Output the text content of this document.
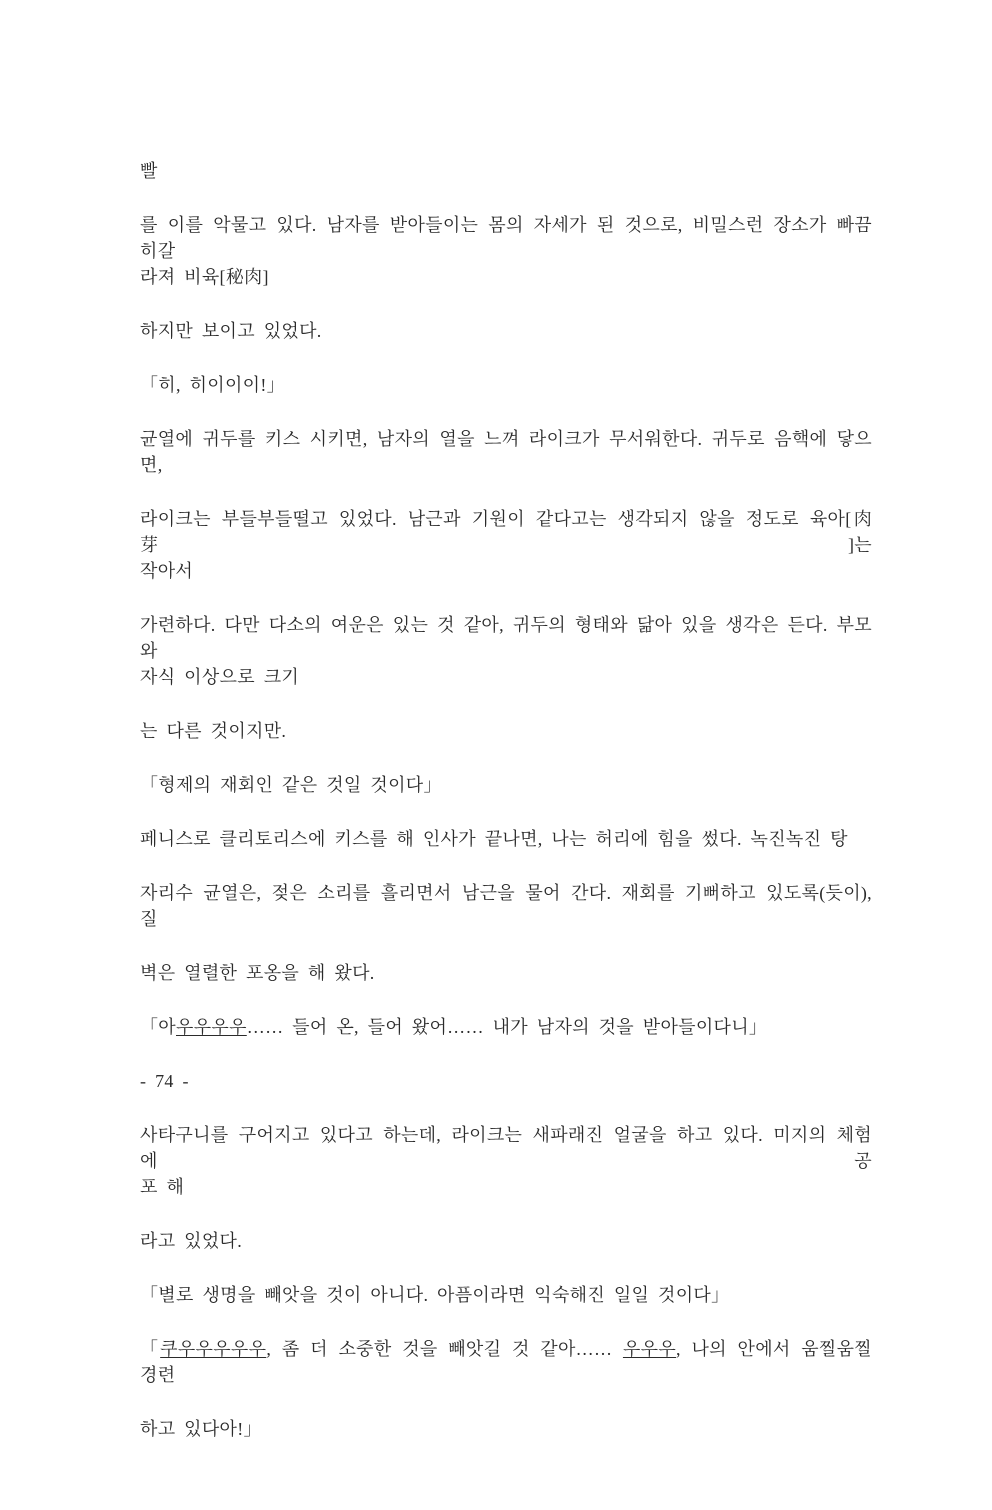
빨
를 이를 악물고 있다. 남자를 받아들이는 몸의 자세가 된 것으로, 비밀스런 장소가 빠끔히갈
라져 비육[秘肉]
하지만 보이고 있었다.
「히, 히이이이!」
균열에 귀두를 키스 시키면, 남자의 열을 느껴 라이크가 무서워한다. 귀두로 음핵에 닿으면,
라이크는 부들부들떨고 있었다. 남근과 기원이 같다고는 생각되지 않을 정도로 육아[肉芽]는
작아서
가련하다. 다만 다소의 여운은 있는 것 같아, 귀두의 형태와 닮아 있을 생각은 든다. 부모와
자식 이상으로 크기
는 다른 것이지만.
「형제의 재회인 같은 것일 것이다」
페니스로 클리토리스에 키스를 해 인사가 끝나면, 나는 허리에 힘을 썼다. 녹진녹진 탕
자리수 균열은, 젖은 소리를 흘리면서 남근을 물어 간다. 재회를 기뻐하고 있도록(듯이), 질
벽은 열렬한 포옹을 해 왔다.
「아우우우우…… 들어 온, 들어 왔어…… 내가 남자의 것을 받아들이다니」
- 74 -
사타구니를 구어지고 있다고 하는데, 라이크는 새파래진 얼굴을 하고 있다. 미지의 체험에 공
포 해
라고 있었다.
「별로 생명을 빼앗을 것이 아니다. 아픔이라면 익숙해진 일일 것이다」
「쿠우우우우우, 좀 더 소중한 것을 빼앗길 것 같아…… 우우우, 나의 안에서 움찔움찔 경련
하고 있다아!」
